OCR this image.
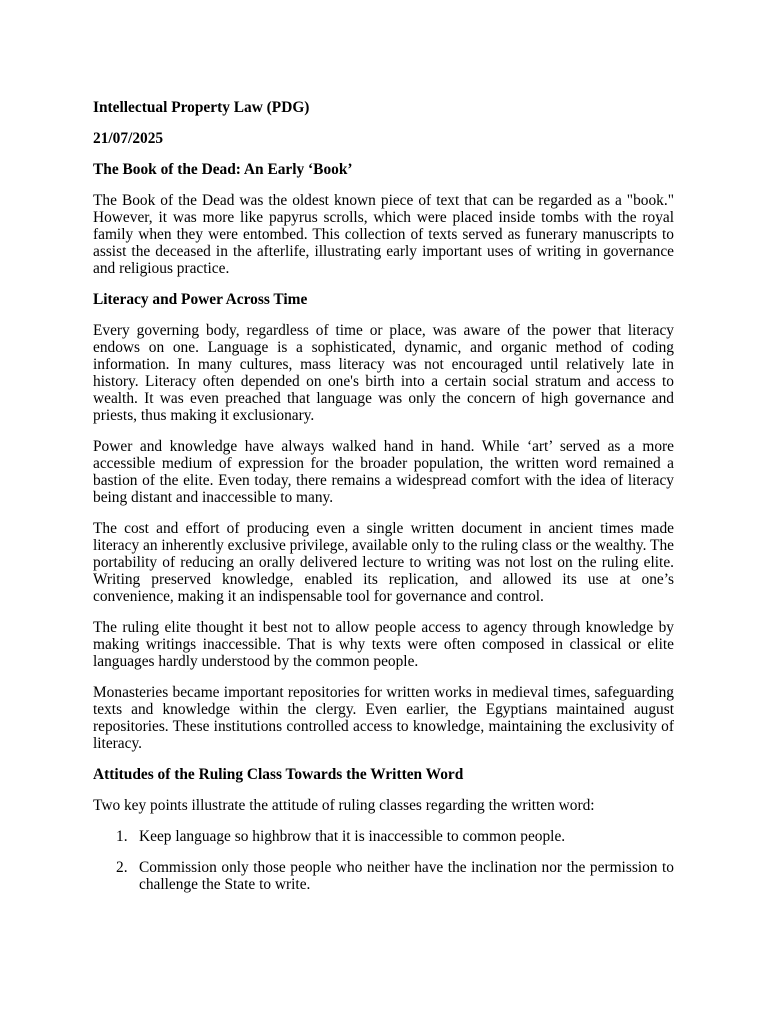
Intellectual Property Law (PDG)

21/07/2025

The Book of the Dead: An Early ‘Book’

The Book of the Dead was the oldest known piece of text that can be regarded as a "book." However, it was more like papyrus scrolls, which were placed inside tombs with the royal family when they were entombed. This collection of texts served as funerary manuscripts to assist the deceased in the afterlife, illustrating early important uses of writing in governance and religious practice.

Literacy and Power Across Time

Every governing body, regardless of time or place, was aware of the power that literacy endows on one. Language is a sophisticated, dynamic, and organic method of coding information. In many cultures, mass literacy was not encouraged until relatively late in history. Literacy often depended on one's birth into a certain social stratum and access to wealth. It was even preached that language was only the concern of high governance and priests, thus making it exclusionary.

Power and knowledge have always walked hand in hand. While ‘art’ served as a more accessible medium of expression for the broader population, the written word remained a bastion of the elite. Even today, there remains a widespread comfort with the idea of literacy being distant and inaccessible to many.

The cost and effort of producing even a single written document in ancient times made literacy an inherently exclusive privilege, available only to the ruling class or the wealthy. The portability of reducing an orally delivered lecture to writing was not lost on the ruling elite. Writing preserved knowledge, enabled its replication, and allowed its use at one’s convenience, making it an indispensable tool for governance and control.

The ruling elite thought it best not to allow people access to agency through knowledge by making writings inaccessible. That is why texts were often composed in classical or elite languages hardly understood by the common people.

Monasteries became important repositories for written works in medieval times, safeguarding texts and knowledge within the clergy. Even earlier, the Egyptians maintained august repositories. These institutions controlled access to knowledge, maintaining the exclusivity of literacy.

Attitudes of the Ruling Class Towards the Written Word

Two key points illustrate the attitude of ruling classes regarding the written word:

1. Keep language so highbrow that it is inaccessible to common people.
2. Commission only those people who neither have the inclination nor the permission to challenge the State to write.
